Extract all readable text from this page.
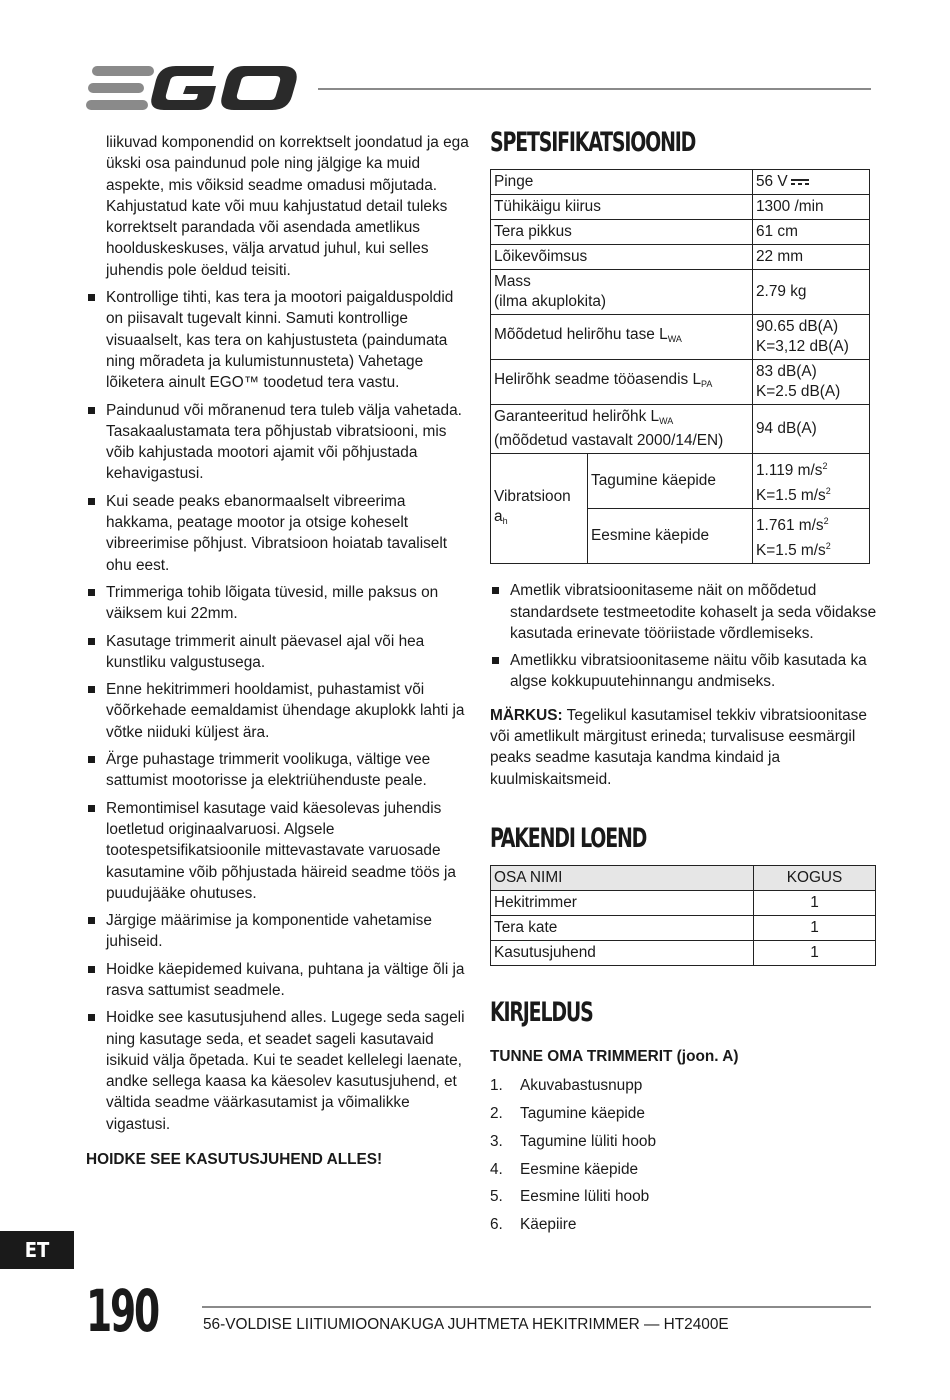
liikuvad komponendid on korrektselt joondatud ja ega ükski osa paindunud pole ning jälgige ka muid aspekte, mis võiksid seadme omadusi mõjutada. Kahjustatud kate või muu kahjustatud detail tuleks korrektselt parandada või asendada ametlikus hoolduskeskuses, välja arvatud juhul, kui selles juhendis pole öeldud teisiti.

Kontrollige tihti, kas tera ja mootori paigalduspoldid on piisavalt tugevalt kinni. Samuti kontrollige visuaalselt, kas tera on kahjustusteta (paindumata ning mõradeta ja kulumistunnusteta) Vahetage lõiketera ainult EGO™ toodetud tera vastu.
Paindunud või mõranenud tera tuleb välja vahetada. Tasakaalustamata tera põhjustab vibratsiooni, mis võib kahjustada mootori ajamit või põhjustada kehavigastusi.
Kui seade peaks ebanormaalselt vibreerima hakkama, peatage mootor ja otsige koheselt vibreerimise põhjust. Vibratsioon hoiatab tavaliselt ohu eest.
Trimmeriga tohib lõigata tüvesid, mille paksus on väiksem kui 22mm.
Kasutage trimmerit ainult päevasel ajal või hea kunstliku valgustusega.
Enne hekitrimmeri hooldamist, puhastamist või võõrkehade eemaldamist ühendage akuplokk lahti ja võtke niiduki küljest ära.
Ärge puhastage trimmerit voolikuga, vältige vee sattumist mootorisse ja elektriühenduste peale.
Remontimisel kasutage vaid käesolevas juhendis loetletud originaalvaruosi. Algsele tootespetsifikatsioonile mittevastavate varuosade kasutamine võib põhjustada häireid seadme töös ja puudujääke ohutuses.
Järgige määrimise ja komponentide vahetamise juhiseid.
Hoidke käepidemed kuivana, puhtana ja vältige õli ja rasva sattumist seadmele.
Hoidke see kasutusjuhend alles. Lugege seda sageli ning kasutage seda, et seadet sageli kasutavaid isikuid välja õpetada. Kui te seadet kellelegi laenate, andke sellega kaasa ka käesolev kasutusjuhend, et vältida seadme väärkasutamist ja võimalikke vigastusi.
HOIDKE SEE KASUTUSJUHEND ALLES!
SPETSIFIKATSIOONID
Pinge		56 V
Tühikäigu kiirus		1300 /min
Tera pikkus		61 cm
Lõikevõimsus		22 mm

Mass
(ilma akuplokita)		2.79 kg
Mõõdetud helirõhu tase $L_{WA}$		90.65 dB(A)
K=3,12 dB(A)

Helirõhk seadme tööasendis $L_{PA}$		83 dB(A)
K=2.5 dB(A)

Garanteeritud helirõhk $L_{WA}$
(mõõdetud vastavalt 2000/14/EN)		94 dB(A)
Vibratsioon $a_h$	Tagumine käepide	1.119 $m/s^2$
K=1.5 $m/s^2$

	Eesmine käepide	1.761 $m/s^2$
K=1.5 $m/s^2$
Ametlik vibratsioonitaseme näit on mõõdetud standardsete testmeetodite kohaselt ja seda võidakse kasutada erinevate tööriistade võrdlemiseks.
Ametlikku vibratsioonitaseme näitu võib kasutada ka algse kokkupuutehinnangu andmiseks.
MÄRKUS: Tegelikul kasutamisel tekkiv vibratsioonitase või ametlikult märgitust erineda; turvalisuse eesmärgil peaks seadme kasutaja kandma kindaid ja kuulmiskaitsmeid.
PAKENDI LOEND
OSA NIMI	KOGUS
Hekitrimmer	1
Tera kate	1
Kasutusjuhend	1
KIRJELDUS
TUNNE OMA TRIMMERIT (joon. A)
1.	Akuvabastusnupp
2.	Tagumine käepide
3.	Tagumine lüliti hoob
4.	Eesmine käepide
5.	Eesmine lüliti hoob
6.	Käepiire
ET
190	56-VOLDISE LIITIUMIOONAKUGA JUHTMETA HEKITRIMMER — HT2400E
